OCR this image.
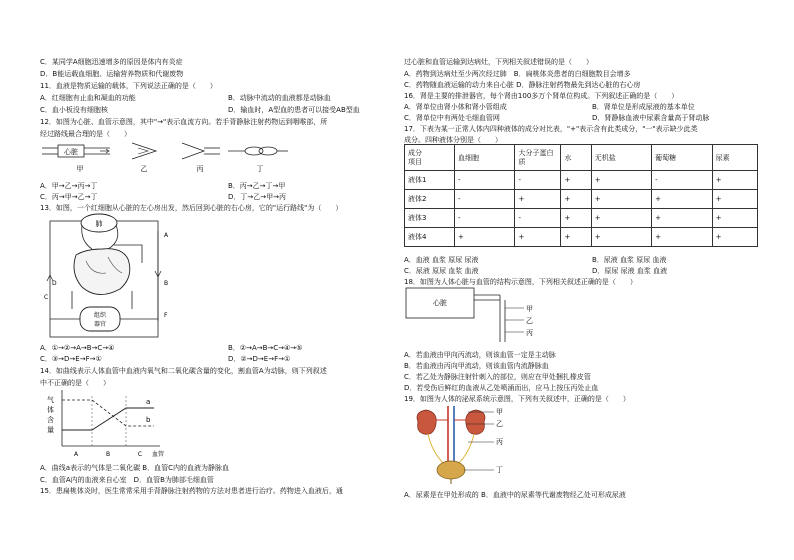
C．某同学A细胞迅速增多的原因是体内有炎症
D．B能运载血细胞、运输营养物质和代谢废物
11．血液是物质运输的载体，下列说法正确的是（　　）
A．红细胞有止血和凝血的功能	B．动脉中流动的血液都是动脉血
C．血小板没有细胞核	D．输血时，A型血的患者可以接受AB型血
12．如图为心脏、血管示意图，其中"→"表示血流方向。若手背静脉注射药物运到咽喉部，所
经过路线最合理的是（　　）
心脏
甲	乙	丙	丁
A．甲→乙→丙→丁	B．丙→乙→丁→甲
C．丙→甲→乙→丁	D．丁→乙→甲→丙
13．如图，一个红细胞从心脏的左心房出发，然后回到心脏的右心房，它的"运行路线"为（　　）
肺
A
B
C
D
F
组织
器官
A．①→②→A→B→C→④	B．②→A→B→C→④→⑤
C．③→D→E→F→①	D．②→D→E→F→①
14．如曲线表示人体血管中血液内氧气和二氧化碳含量的变化，割血管A为动脉，则下列叙述
中不正确的是（　　）
气
体
含
量
a
b
A	B	C 血管
A．曲线a表示的气体是二氧化碳 B．血管C内的血液为静脉血
C．血管A内的血液来自心室　D．血管B为肺部毛细血管
15．患扁桃体炎时，医生常常采用手背静脉注射药物的方法对患者进行治疗。药物进入血液后，通
过心脏和血管运输到达病灶，下列相关叙述错误的是（　　）
A．药物到达病灶至少两次经过肺　B．扁桃体炎患者的白细胞数目会增多
C．药物随血液运输的动力来自心脏 D．静脉注射药物最先到达心脏的右心房
16．肾是主要的排泄器官，每个肾由100多万个肾单位构成。下列叙述正确的是（　　）
A．肾单位由肾小体和肾小管组成	B．肾单位是形成尿液的基本单位
C．肾单位中有两处毛细血管网	D．肾静脉血液中尿素含量高于肾动脉
17．下表为某一正常人体内四种液体的成分对比表，"+"表示含有此类成分，"一"表示缺少此类
成分。四种液体分别是（　　）
成分
项目	血细胞	大分子蛋白质	水	无机盐	葡萄糖	尿素
液体1	-	-	+	+	-	+
液体2	-	+	+	+	+	+
液体3	-	-	+	+	+	+
液体4	+	+	+	+	+	+
A．血液 血浆 原尿 尿液	B．尿液 血浆 原尿 血液
C．尿液 原尿 血浆 血液	D．原尿 尿液 血浆 血液
18．如图为人体心脏与血管的结构示意图，下列相关叙述正确的是（　　）
心脏
甲
乙
丙
A．若血液由甲向丙流动，则该血管一定是主动脉
B．若血液由丙向甲流动，则该血管内流静脉血
C．若乙处为静脉注射针刺入的部位，则应在甲处捆扎橡皮管
D．若受伤后鲜红的血液从乙处喷涌而出，应马上按压丙处止血
19．如图为人体的泌尿系统示意图，下列有关叙述中，正确的是（　　）
甲
乙
丙
丁
A．尿素是在甲处形成的 B．血液中的尿素等代谢废物经乙处可形成尿液
